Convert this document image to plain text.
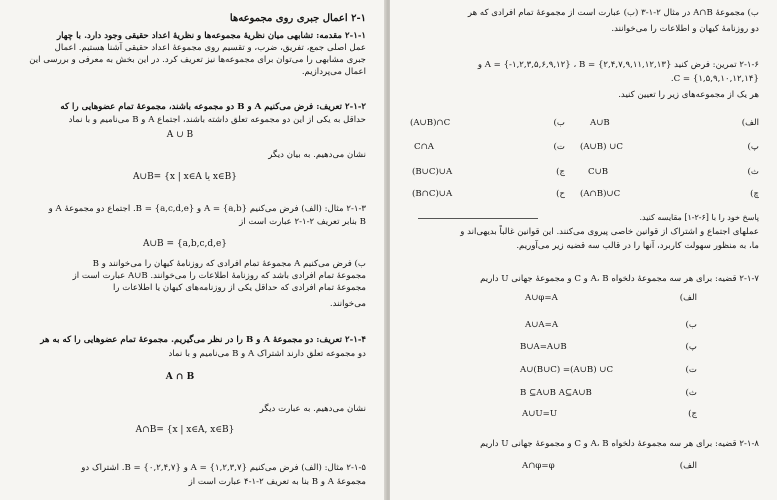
۲-۱ اعمال جبری روی مجموعه‌ها
۲-۱-۱ مقدمه: تشابهی میان نظریهٔ مجموعه‌ها و نظریهٔ اعداد حقیقی وجود دارد. با چهار
عمل اصلی جمع، تفریق، ضرب، و تقسیم روی مجموعهٔ اعداد حقیقی آشنا هستیم. اعمال
جبری مشابهی را می‌توان برای مجموعه‌ها نیز تعریف کرد. در این بخش به معرفی و بررسی این
اعمال می‌پردازیم.
۲-۱-۲ تعریف: فرض می‌کنیم A و B دو مجموعه باشند، مجموعهٔ تمام عضوهایی را که
حداقل به یکی از این دو مجموعه تعلق داشته باشند، اجتماع A و B می‌نامیم و با نماد
A ∪ B
نشان می‌دهیم. به بیان دیگر
A∪B= {x | x∈A یا x∈B}
۲-۱-۳ مثال: (الف) فرض می‌کنیم A = {a,b} و B = {a,c,d,e}. اجتماع دو مجموعهٔ A و
B بنابر تعریف ۲-۱-۲ عبارت است از
A∪B = {a,b,c,d,e}
ب) فرض می‌کنیم A مجموعهٔ تمام افرادی که روزنامهٔ کیهان را می‌خوانند و B
مجموعهٔ تمام افرادی باشد که روزنامهٔ اطلاعات را می‌خوانند. A∪B عبارت است از
مجموعهٔ تمام افرادی که حداقل یکی از روزنامه‌های کیهان یا اطلاعات را
می‌خوانند.
۲-۱-۴ تعریف: دو مجموعهٔ A و B را در نظر می‌گیریم. مجموعهٔ تمام عضوهایی را که به هر
دو مجموعه تعلق دارند اشتراک A و B می‌نامیم و با نماد
A ∩ B
نشان می‌دهیم. به عبارت دیگر
A∩B= {x | x∈A, x∈B}
۲-۱-۵ مثال: (الف) فرض می‌کنیم A = {۱,۲,۳,۷} و B = {۰,۲,۴,۷}. اشتراک دو
مجموعهٔ A و B بنا به تعریف ۲-۱-۴ عبارت است از
ب) مجموعهٔ A∩B در مثال ۲-۱-۳ (ب) عبارت است از مجموعهٔ تمام افرادی که هر
دو روزنامهٔ کیهان و اطلاعات را می‌خوانند.
۲-۱-۶ تمرین: فرض کنید A = {-۱,۲,۳,۵,۶,۹,۱۲} ، B = {۲,۴,۷,۹,۱۱,۱۲,۱۳} و
C = {۱,۵,۹,۱۰,۱۲,۱۴}.
هر یک از مجموعه‌های زیر را تعیین کنید.
الف)
A∪B
پ)
(A∪B) ∪C
ث)
C∪B
چ)
(A∩B)∪C
ب)
(A∪B)∩C
ت)
C∩A
ج)
(B∪C)∪A
ح)
(B∩C)∪A
پاسخ خود را با [۶-۲-۱] مقایسه کنید.
عملهای اجتماع و اشتراک از قوانین خاصی پیروی می‌کنند. این قوانین غالباً بدیهی‌اند و
ما، به منظور سهولت کاربرد، آنها را در قالب سه قضیه زیر می‌آوریم.
۲-۱-۷ قضیه: برای هر سه مجموعهٔ دلخواه A، B و C و مجموعهٔ جهانی U داریم
الف)
A∪φ=A
ب)
A∪A=A
پ)
B∪A=A∪B
ت)
A∪(B∪C) =(A∪B) ∪C
ث)
B ⊆A∪B A⊆A∪B
ج)
A∪U=U
۲-۱-۸ قضیه: برای هر سه مجموعهٔ دلخواه A، B و C و مجموعهٔ جهانی U داریم
الف)
A∩φ=φ
